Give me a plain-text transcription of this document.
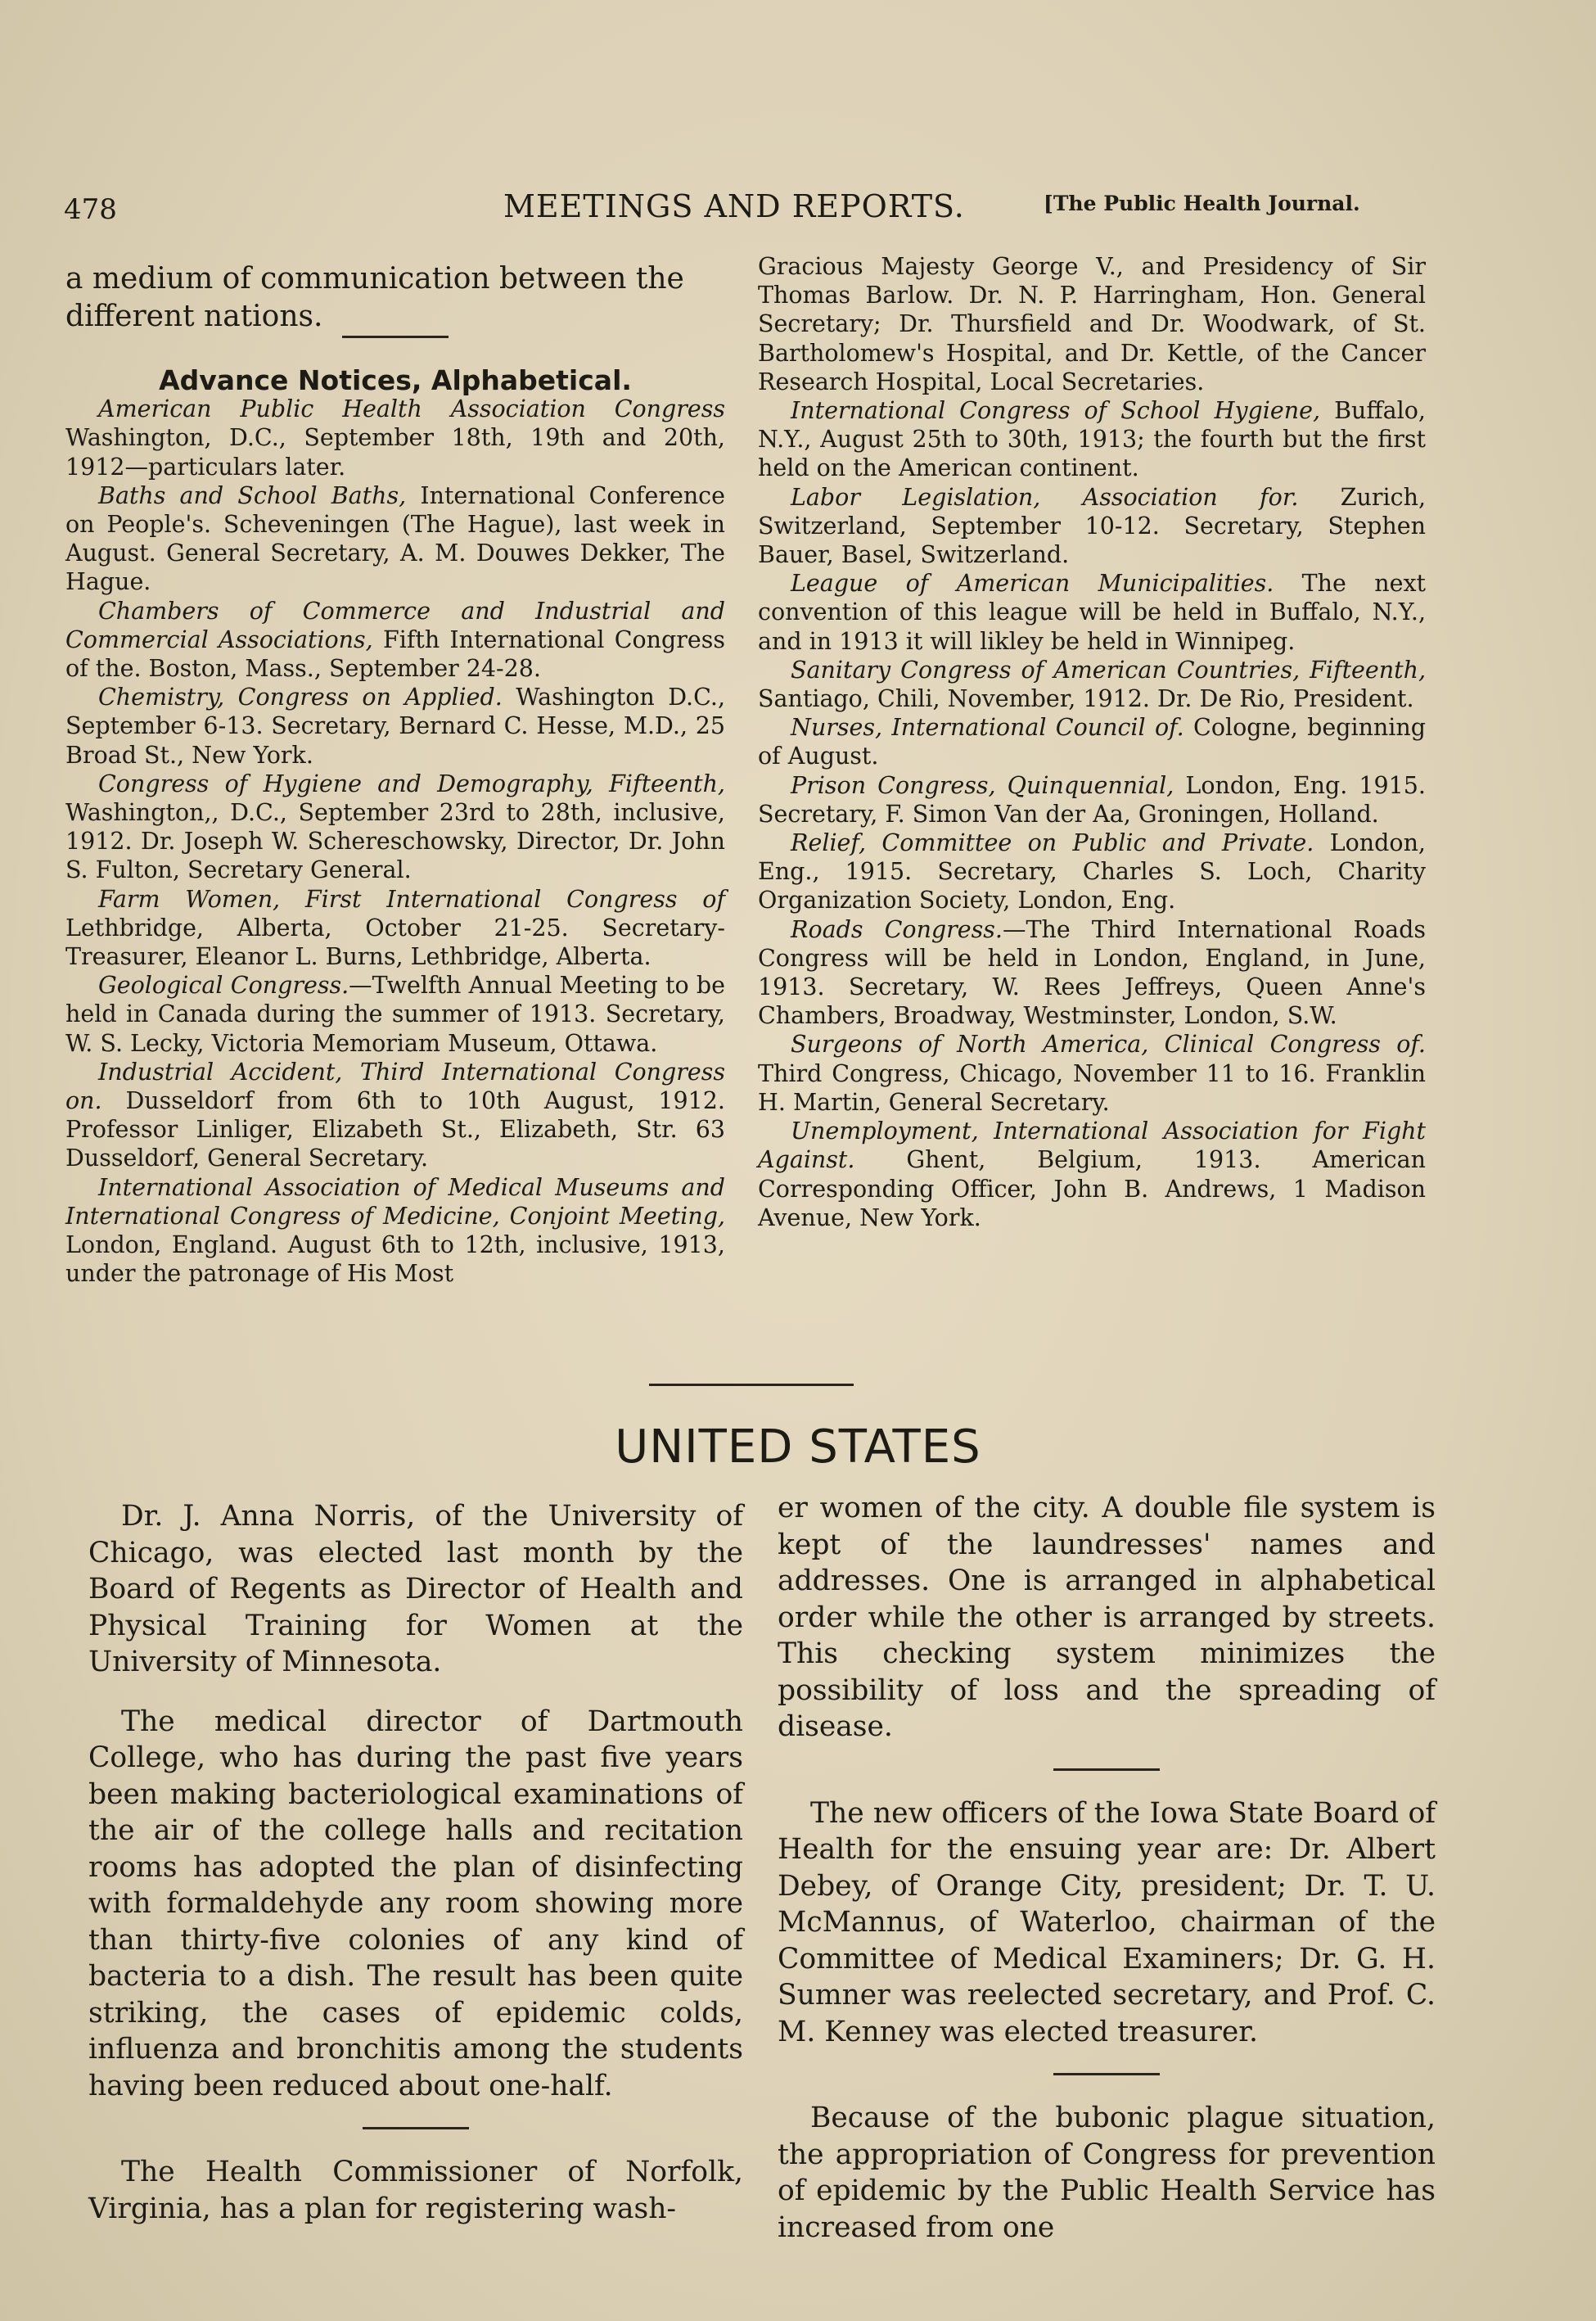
478	MEETINGS AND REPORTS.	[The Public Health Journal.

a medium of communication between the different nations.

Advance Notices, Alphabetical.

American Public Health Association Congress Washington, D.C., September 18th, 19th and 20th, 1912—particulars later.

Baths and School Baths, International Conference on People's. Scheveningen (The Hague), last week in August. General Secretary, A. M. Douwes Dekker, The Hague.

Chambers of Commerce and Industrial and Commercial Associations, Fifth International Congress of the. Boston, Mass., September 24-28.

Chemistry, Congress on Applied. Washington D.C., September 6-13. Secretary, Bernard C. Hesse, M.D., 25 Broad St., New York.

Congress of Hygiene and Demography, Fifteenth, Washington,, D.C., September 23rd to 28th, inclusive, 1912. Dr. Joseph W. Schereschowsky, Director, Dr. John S. Fulton, Secretary General.

Farm Women, First International Congress of Lethbridge, Alberta, October 21-25. Secretary-Treasurer, Eleanor L. Burns, Lethbridge, Alberta.

Geological Congress.—Twelfth Annual Meeting to be held in Canada during the summer of 1913. Secretary, W. S. Lecky, Victoria Memoriam Museum, Ottawa.

Industrial Accident, Third International Congress on. Dusseldorf from 6th to 10th August, 1912. Professor Linliger, Elizabeth St., Elizabeth, Str. 63 Dusseldorf, General Secretary.

International Association of Medical Museums and International Congress of Medicine, Conjoint Meeting, London, England. August 6th to 12th, inclusive, 1913, under the patronage of His Most

Gracious Majesty George V., and Presidency of Sir Thomas Barlow. Dr. N. P. Harringham, Hon. General Secretary; Dr. Thursfield and Dr. Woodwark, of St. Bartholomew's Hospital, and Dr. Kettle, of the Cancer Research Hospital, Local Secretaries.

International Congress of School Hygiene, Buffalo, N.Y., August 25th to 30th, 1913; the fourth but the first held on the American continent.

Labor Legislation, Association for. Zurich, Switzerland, September 10-12. Secretary, Stephen Bauer, Basel, Switzerland.

League of American Municipalities. The next convention of this league will be held in Buffalo, N.Y., and in 1913 it will likley be held in Winnipeg.

Sanitary Congress of American Countries, Fifteenth, Santiago, Chili, November, 1912. Dr. De Rio, President.

Nurses, International Council of. Cologne, beginning of August.

Prison Congress, Quinquennial, London, Eng. 1915. Secretary, F. Simon Van der Aa, Groningen, Holland.

Relief, Committee on Public and Private. London, Eng., 1915. Secretary, Charles S. Loch, Charity Organization Society, London, Eng.

Roads Congress.—The Third International Roads Congress will be held in London, England, in June, 1913. Secretary, W. Rees Jeffreys, Queen Anne's Chambers, Broadway, Westminster, London, S.W.

Surgeons of North America, Clinical Congress of. Third Congress, Chicago, November 11 to 16. Franklin H. Martin, General Secretary.

Unemployment, International Association for Fight Against. Ghent, Belgium, 1913. American Corresponding Officer, John B. Andrews, 1 Madison Avenue, New York.

UNITED STATES

Dr. J. Anna Norris, of the University of Chicago, was elected last month by the Board of Regents as Director of Health and Physical Training for Women at the University of Minnesota.

The medical director of Dartmouth College, who has during the past five years been making bacteriological examinations of the air of the college halls and recitation rooms has adopted the plan of disinfecting with formaldehyde any room showing more than thirty-five colonies of any kind of bacteria to a dish. The result has been quite striking, the cases of epidemic colds, influenza and bronchitis among the students having been reduced about one-half.

The Health Commissioner of Norfolk, Virginia, has a plan for registering wash-

er women of the city. A double file system is kept of the laundresses' names and addresses. One is arranged in alphabetical order while the other is arranged by streets. This checking system minimizes the possibility of loss and the spreading of disease.

The new officers of the Iowa State Board of Health for the ensuing year are: Dr. Albert Debey, of Orange City, president; Dr. T. U. McMannus, of Waterloo, chairman of the Committee of Medical Examiners; Dr. G. H. Sumner was reelected secretary, and Prof. C. M. Kenney was elected treasurer.

Because of the bubonic plague situation, the appropriation of Congress for prevention of epidemic by the Public Health Service has increased from one
